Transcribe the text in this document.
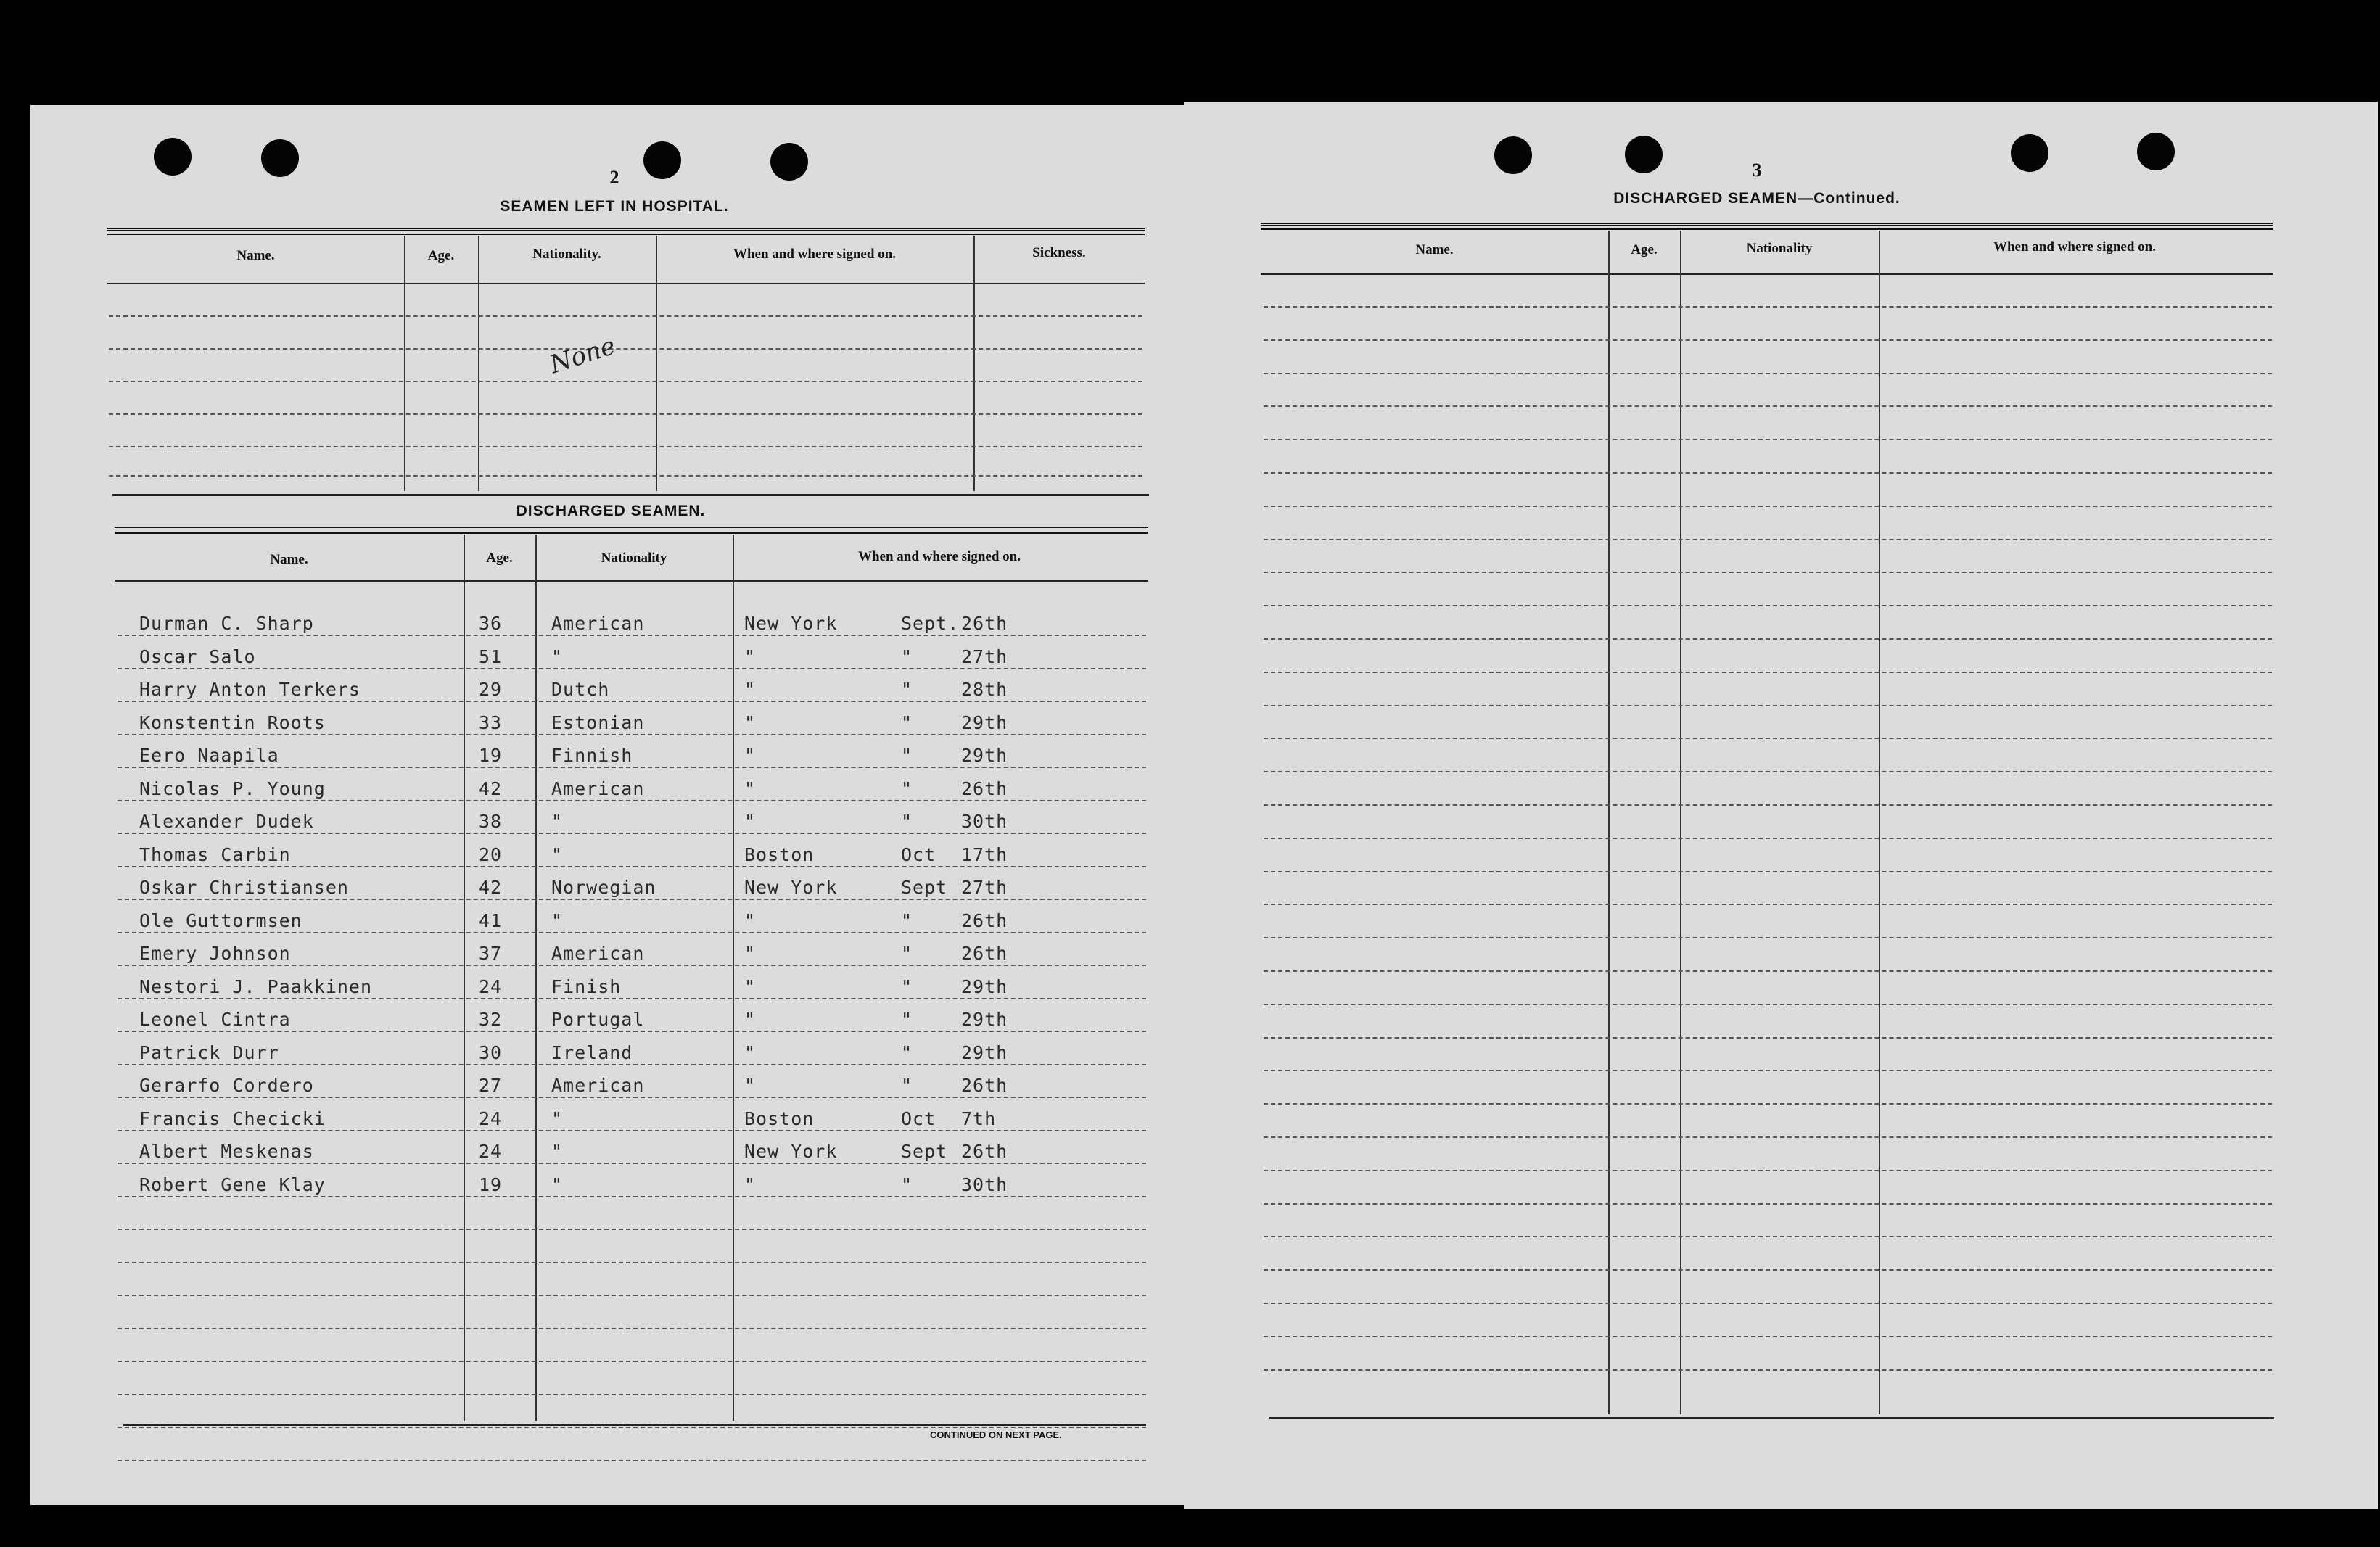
2
SEAMEN LEFT IN HOSPITAL.
Name.	Age.	Nationality.	When and where signed on.	Sickness.
None
DISCHARGED SEAMEN.
Name.	Age.	Nationality	When and where signed on.
Durman C. Sharp	36	American	New York	Sept. 26th
Oscar Salo	51	"	"	"	27th
Harry Anton Terkers	29	Dutch	"	"	28th
Konstentin Roots	33	Estonian	"	"	29th
Eero Naapila	19	Finnish	"	"	29th
Nicolas P. Young	42	American	"	"	26th
Alexander Dudek	38	"	"	"	30th
Thomas Carbin	20	"	Boston	Oct 17th
Oskar Christiansen	42	Norwegian	New York	Sept 27th
Ole Guttormsen	41	"	"	"	26th
Emery Johnson	37	American	"	"	26th
Nestori J. Paakkinen	24	Finish	"	"	29th
Leonel Cintra	32	Portugal	"	"	29th
Patrick Durr	30	Ireland	"	"	29th
Gerarfo Cordero	27	American	"	"	26th
Francis Checicki	24	"	Boston	Oct 7th
Albert Meskenas	24	"	New York	Sept 26th
Robert Gene Klay	19	"	"	"	30th
CONTINUED ON NEXT PAGE.
3
DISCHARGED SEAMEN—Continued.
Name.	Age.	Nationality	When and where signed on.
